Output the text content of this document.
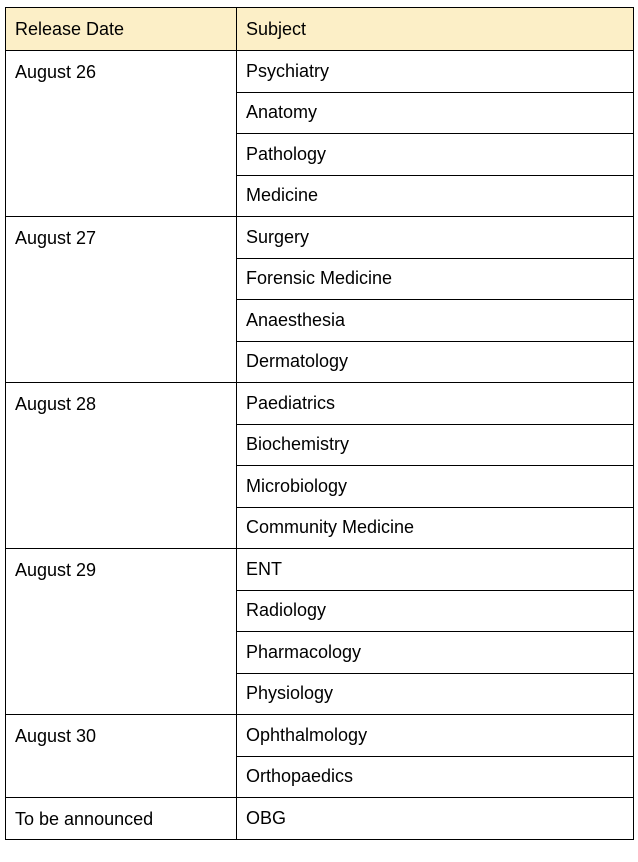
Release Date	Subject
August 26	Psychiatry
	Anatomy
	Pathology
	Medicine
August 27	Surgery
	Forensic Medicine
	Anaesthesia
	Dermatology
August 28	Paediatrics
	Biochemistry
	Microbiology
	Community Medicine
August 29	ENT
	Radiology
	Pharmacology
	Physiology
August 30	Ophthalmology
	Orthopaedics
To be announced	OBG
